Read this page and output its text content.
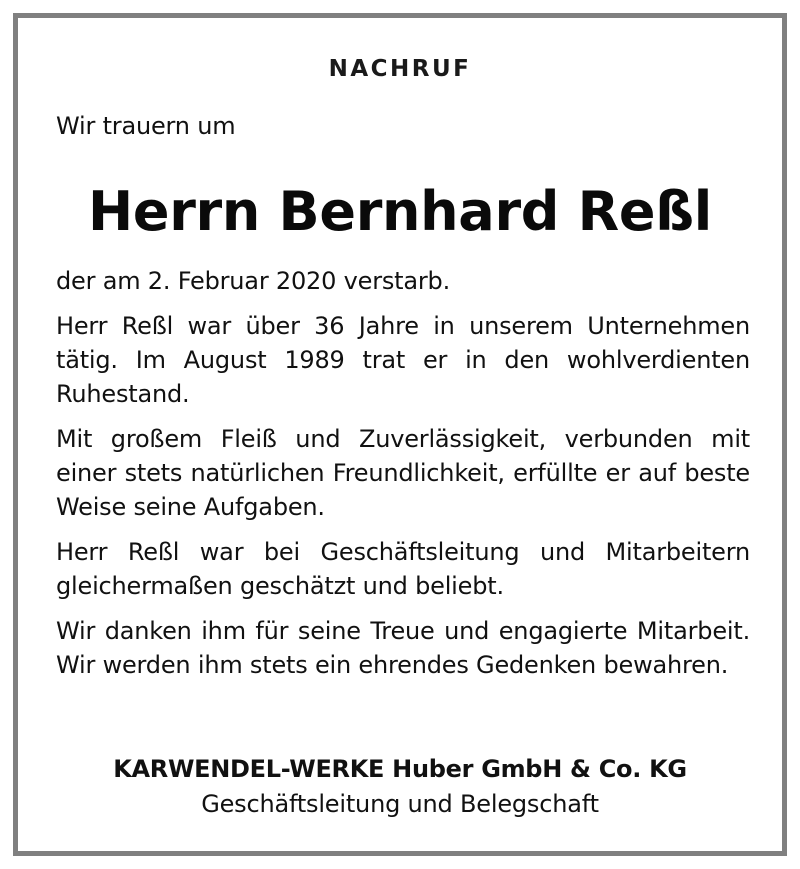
NACHRUF
Wir trauern um
Herrn Bernhard Reßl

der am 2. Februar 2020 verstarb.

Herr Reßl war über 36 Jahre in unserem Unternehmen tätig. Im August 1989 trat er in den wohlverdienten Ruhestand.

Mit großem Fleiß und Zuverlässigkeit, verbunden mit einer stets natürlichen Freundlichkeit, erfüllte er auf beste Weise seine Aufgaben.

Herr Reßl war bei Geschäftsleitung und Mitarbeitern gleichermaßen geschätzt und beliebt.

Wir danken ihm für seine Treue und engagierte Mitarbeit. Wir werden ihm stets ein ehrendes Gedenken bewahren.

KARWENDEL-WERKE Huber GmbH & Co. KG
Geschäftsleitung und Belegschaft
